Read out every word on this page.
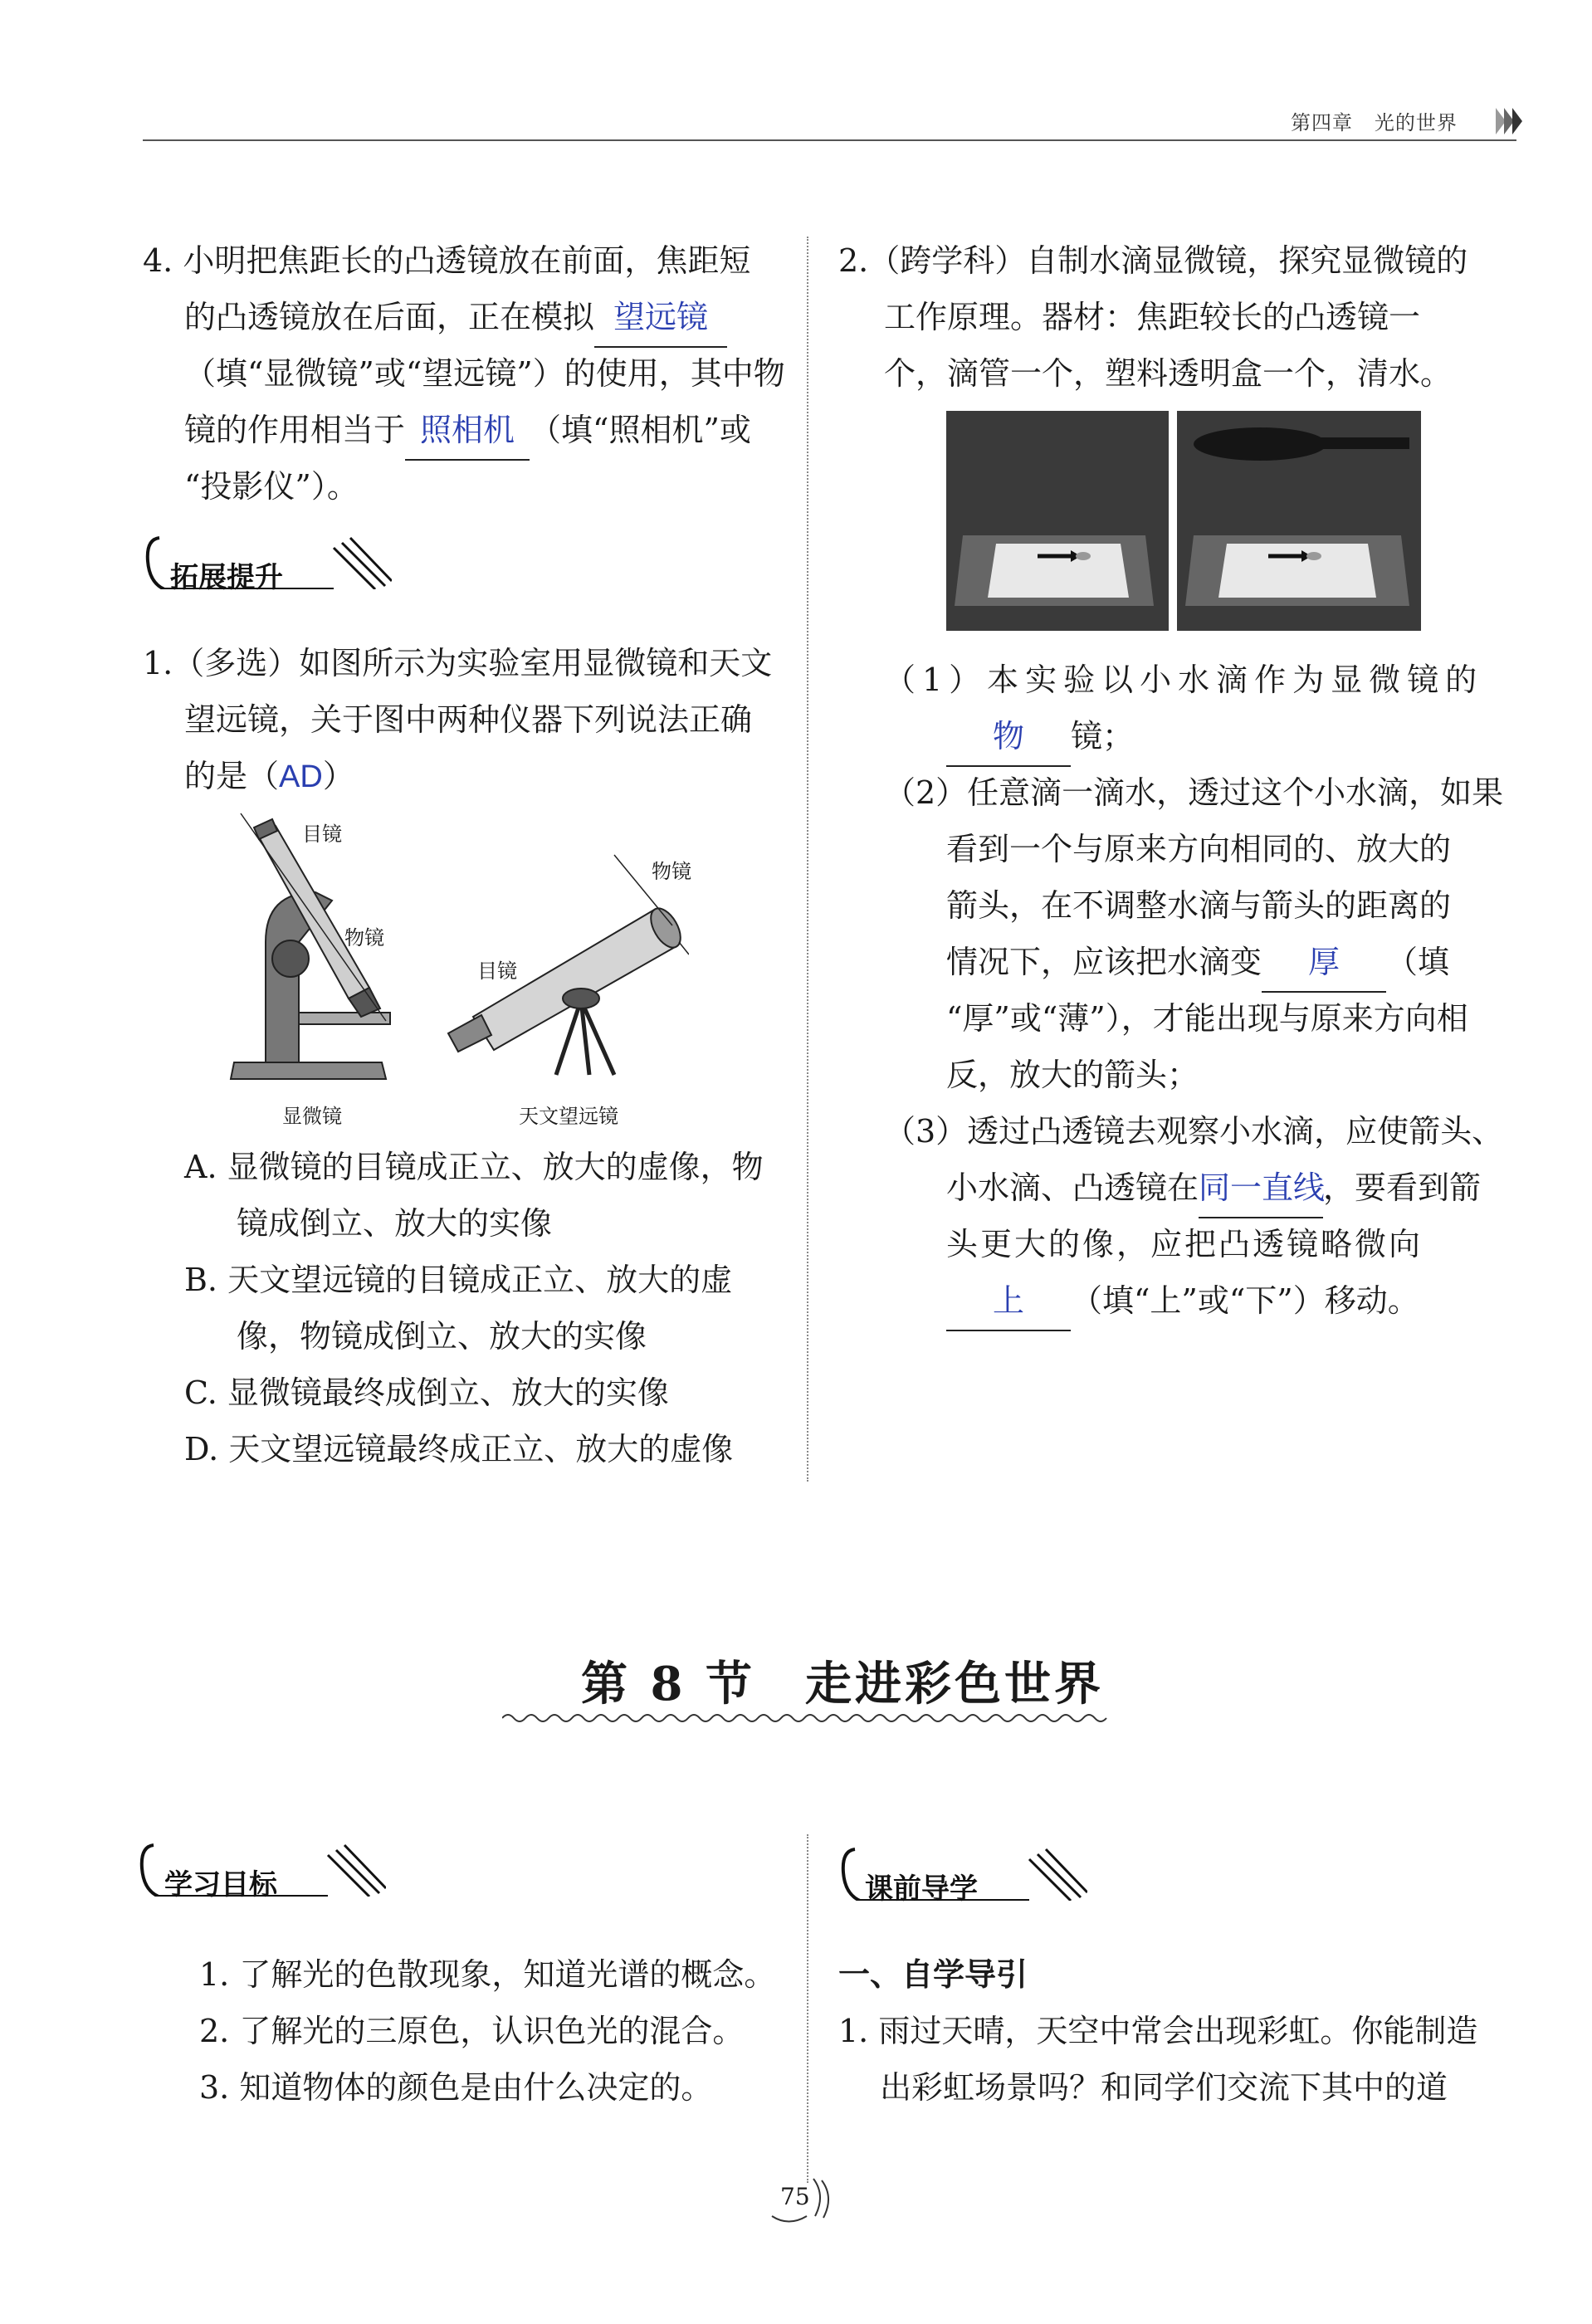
第四章 光的世界
4. 小明把焦距长的凸透镜放在前面，焦距短
的凸透镜放在后面，正在模拟 望远镜
（填“显微镜”或“望远镜”）的使用，其中物
镜的作用相当于 照相机 （填“照相机”或
“投影仪”）。
拓展提升
1.（多选）如图所示为实验室用显微镜和天文
望远镜，关于图中两种仪器下列说法正确
的是（AD）
目镜
物镜
显微镜
物镜
目镜
天文望远镜
A. 显微镜的目镜成正立、放大的虚像，物
镜成倒立、放大的实像
B. 天文望远镜的目镜成正立、放大的虚
像，物镜成倒立、放大的实像
C. 显微镜最终成倒立、放大的实像
D. 天文望远镜最终成正立、放大的虚像
2.（跨学科）自制水滴显微镜，探究显微镜的
工作原理。器材：焦距较长的凸透镜一
个，滴管一个，塑料透明盒一个，清水。
（1）本实验以小水滴作为显微镜的
物 镜；
（2）任意滴一滴水，透过这个小水滴，如果
看到一个与原来方向相同的、放大的
箭头，在不调整水滴与箭头的距离的
情况下，应该把水滴变 厚 （填
“厚”或“薄”），才能出现与原来方向相
反，放大的箭头；
（3）透过凸透镜去观察小水滴，应使箭头、
小水滴、凸透镜在同一直线，要看到箭
头更大的像，应把凸透镜略微向
上 （填“上”或“下”）移动。
第 8 节　走进彩色世界
学习目标
1. 了解光的色散现象，知道光谱的概念。
2. 了解光的三原色，认识色光的混合。
3. 知道物体的颜色是由什么决定的。
课前导学
一、自学导引
1. 雨过天晴，天空中常会出现彩虹。你能制造
出彩虹场景吗？和同学们交流下其中的道
75
